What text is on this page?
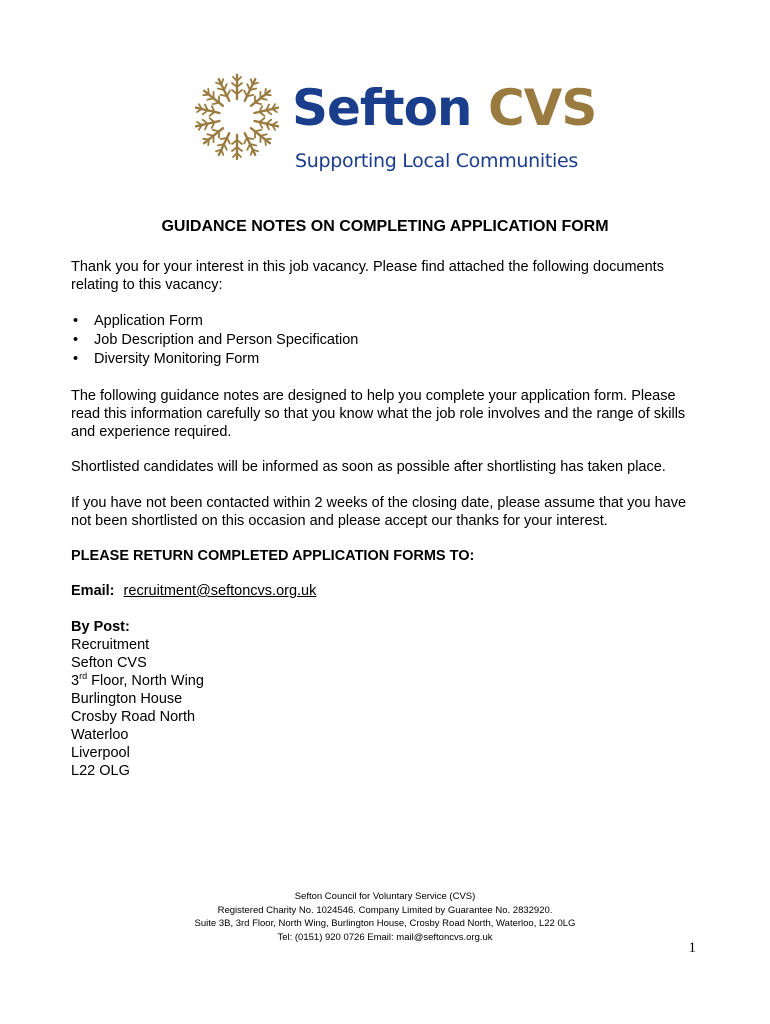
Sefton CVS
Supporting Local Communities
GUIDANCE NOTES ON COMPLETING APPLICATION FORM
Thank you for your interest in this job vacancy. Please find attached the following documents relating to this vacancy:
• Application Form
• Job Description and Person Specification
• Diversity Monitoring Form
The following guidance notes are designed to help you complete your application form. Please read this information carefully so that you know what the job role involves and the range of skills and experience required.
Shortlisted candidates will be informed as soon as possible after shortlisting has taken place.
If you have not been contacted within 2 weeks of the closing date, please assume that you have not been shortlisted on this occasion and please accept our thanks for your interest.
PLEASE RETURN COMPLETED APPLICATION FORMS TO:
Email: recruitment@seftoncvs.org.uk
By Post:
Recruitment
Sefton CVS
3rd Floor, North Wing
Burlington House
Crosby Road North
Waterloo
Liverpool
L22 OLG
Sefton Council for Voluntary Service (CVS)
Registered Charity No. 1024546. Company Limited by Guarantee No. 2832920.
Suite 3B, 3rd Floor, North Wing, Burlington House, Crosby Road North, Waterloo, L22 0LG
Tel: (0151) 920 0726 Email: mail@seftoncvs.org.uk
1
